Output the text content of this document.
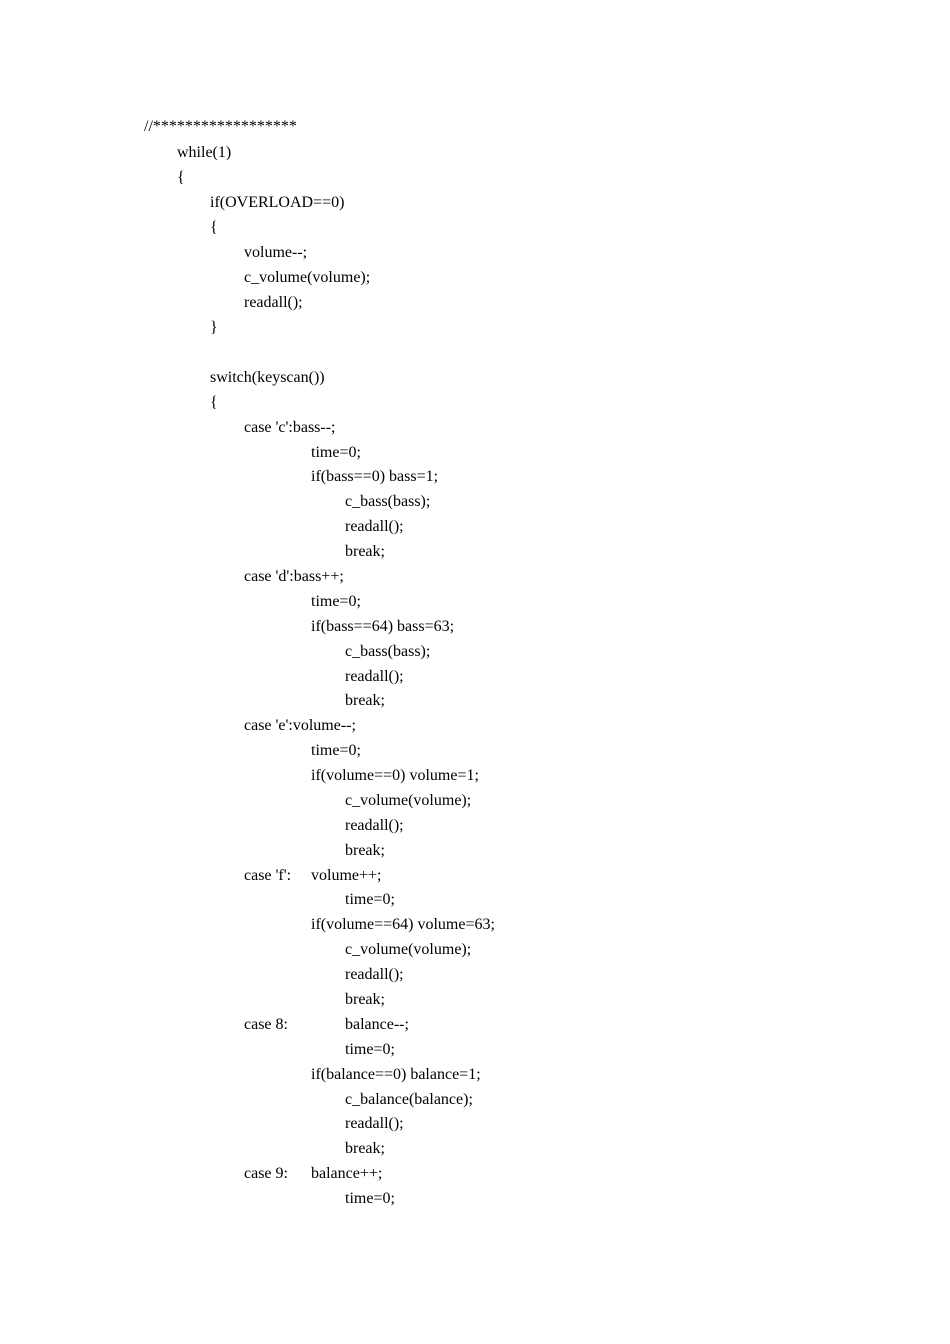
//******************
while(1)
{
if(OVERLOAD==0)
{
volume--;
c_volume(volume);
readall();
}
switch(keyscan())
{
case 'c':bass--;
time=0;
if(bass==0) bass=1;
c_bass(bass);
readall();
break;
case 'd':bass++;
time=0;
if(bass==64) bass=63;
c_bass(bass);
readall();
break;
case 'e':volume--;
time=0;
if(volume==0) volume=1;
c_volume(volume);
readall();
break;
case 'f': volume++;
time=0;
if(volume==64) volume=63;
c_volume(volume);
readall();
break;
case 8:	balance--;
time=0;
if(balance==0) balance=1;
c_balance(balance);
readall();
break;
case 9: balance++;
time=0;
